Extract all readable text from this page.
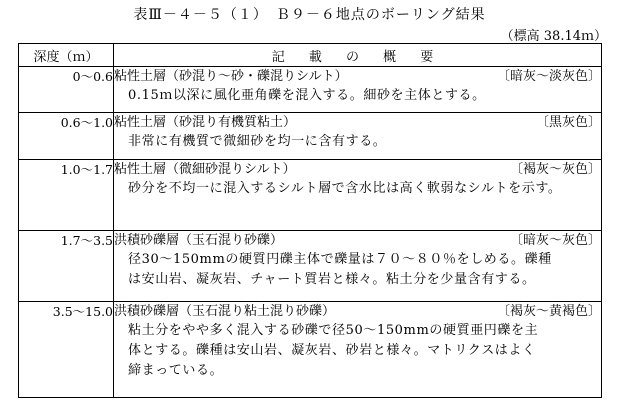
表Ⅲ－４－５（１）　Ｂ９－６地点のボーリング結果
（標高 38.14ｍ）
深度（ｍ）	記 載 の 概 要
0～0.6	粘性土層（砂混り～砂・礫混りシルト） 〔暗灰～淡灰色〕
0.15ｍ以深に風化亜角礫を混入する。細砂を主体とする。

0.6～1.0	粘性土層（砂混り有機質粘土） 〔黒灰色〕
非常に有機質で微細砂を均一に含有する。

1.0～1.7	粘性土層（微細砂混りシルト） 〔褐灰～灰色〕
砂分を不均一に混入するシルト層で含水比は高く軟弱なシルトを示す。

1.7～3.5	洪積砂礫層（玉石混り砂礫） 〔暗灰～灰色〕
径30～150mmの硬質円礫主体で礫量は７０～８０％をしめる。礫種
は安山岩、凝灰岩、チャート質岩と様々。粘土分を少量含有する。

3.5～15.0	洪積砂礫層（玉石混り粘土混り砂礫） 〔褐灰～黄褐色〕
粘土分をやや多く混入する砂礫で径50～150mmの硬質亜円礫を主
体とする。礫種は安山岩、凝灰岩、砂岩と様々。マトリクスはよく
締まっている。
